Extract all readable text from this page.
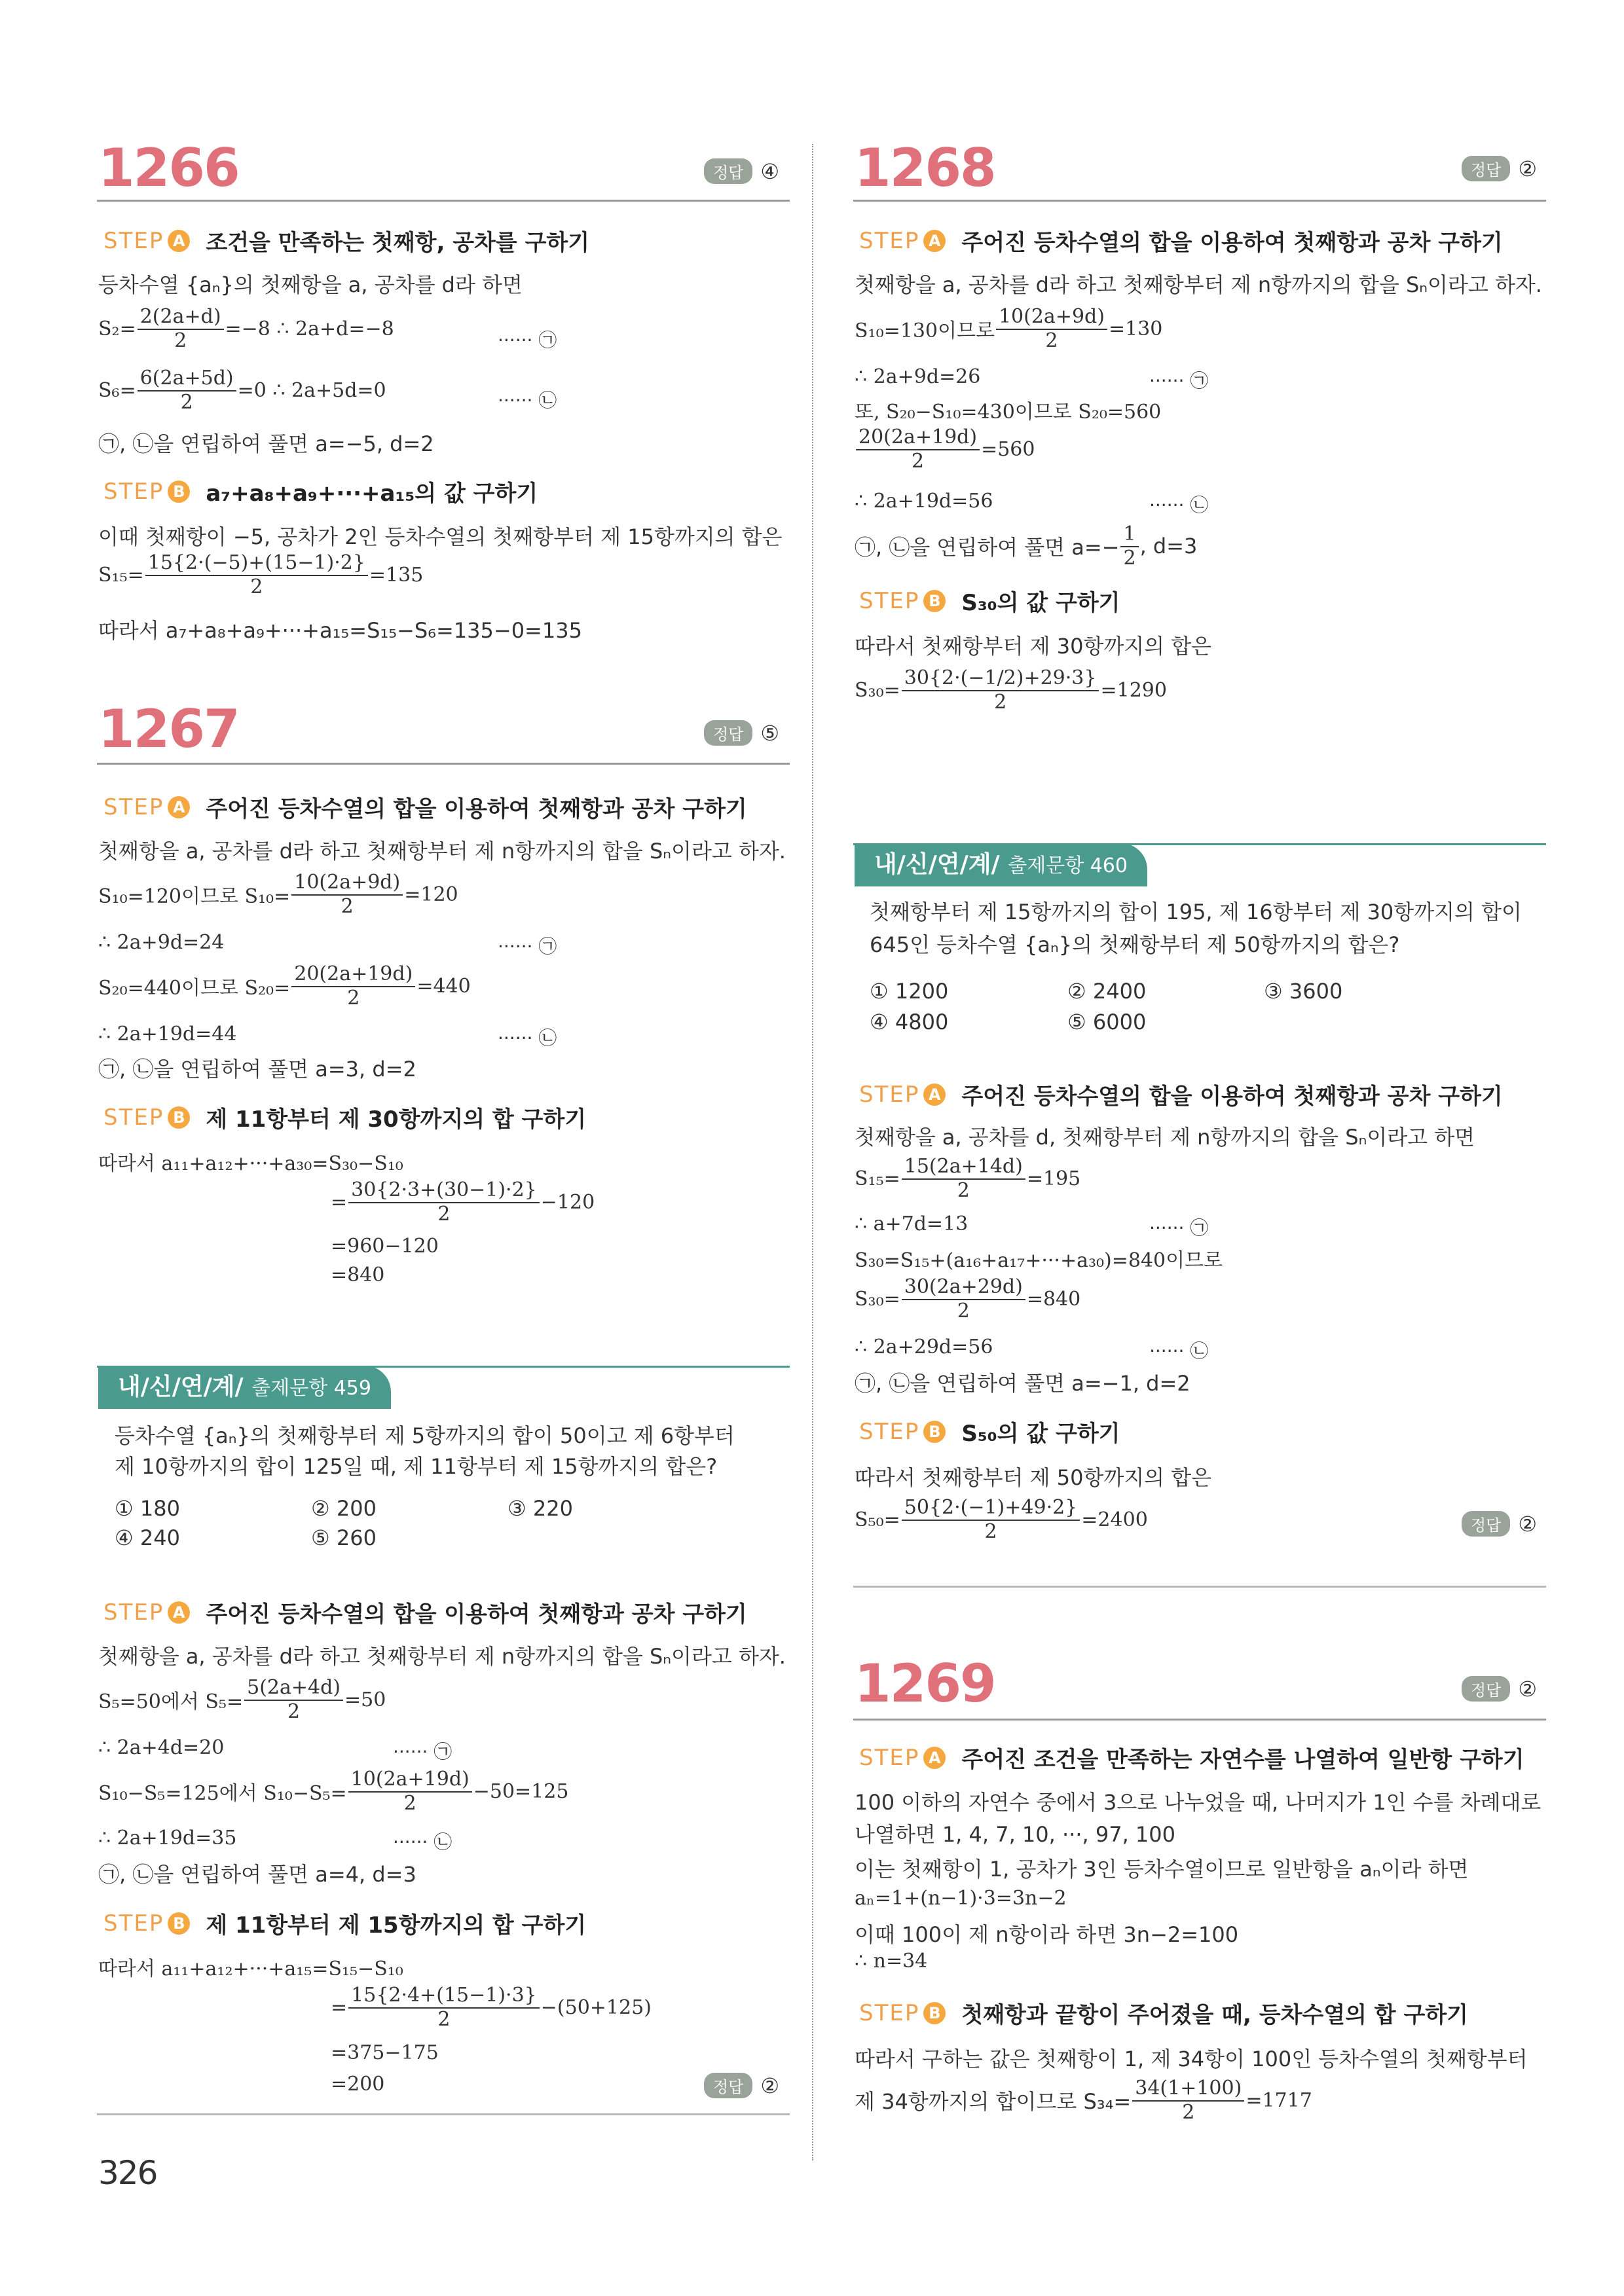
1266	정답 ④
STEP A 조건을 만족하는 첫째항, 공차를 구하기
등차수열 {aₙ}의 첫째항을 a, 공차를 d라 하면
$S_2= \frac{2(2a+d)}{2} =-8$ ∴ 2a+d=−8	······ ㉠
$S_6= \frac{6(2a+5d)}{2} =0$ ∴ 2a+5d=0	······ ㉡
㉠, ㉡을 연립하여 풀면 a=−5, d=2
STEP B a₇+a₈+a₉+···+a₁₅의 값 구하기
이때 첫째항이 −5, 공차가 2인 등차수열의 첫째항부터 제 15항까지의 합은
$S_{15}= \frac{15\{2\cdot(-5)+(15-1)\cdot 2\}}{2} =135$
따라서 a₇+a₈+a₉+···+a₁₅=S₁₅−S₆=135−0=135
1267	정답 ⑤
STEP A 주어진 등차수열의 합을 이용하여 첫째항과 공차 구하기
첫째항을 a, 공차를 d라 하고 첫째항부터 제 n항까지의 합을 Sₙ이라고 하자.
S₁₀=120이므로 $S_{10}= \frac{10(2a+9d)}{2} =120$
∴ 2a+9d=24	······ ㉠
S₂₀=440이므로 $S_{20}= \frac{20(2a+19d)}{2} =440$
∴ 2a+19d=44	······ ㉡
㉠, ㉡을 연립하여 풀면 a=3, d=2
STEP B 제 11항부터 제 30항까지의 합 구하기
따라서 a₁₁+a₁₂+···+a₃₀=S₃₀−S₁₀
= $\frac{30\{2\cdot 3+(30-1)\cdot 2\}}{2} -120$
=960−120
=840
내/신/연/계/ 출제문항 459
등차수열 {aₙ}의 첫째항부터 제 5항까지의 합이 50이고 제 6항부터
제 10항까지의 합이 125일 때, 제 11항부터 제 15항까지의 합은?
① 180	② 200	③ 220
④ 240	⑤ 260
STEP A 주어진 등차수열의 합을 이용하여 첫째항과 공차 구하기
첫째항을 a, 공차를 d라 하고 첫째항부터 제 n항까지의 합을 Sₙ이라고 하자.
S₅=50에서 $S_5= \frac{5(2a+4d)}{2} =50$
∴ 2a+4d=20	······ ㉠
S₁₀−S₅=125에서 $S_{10}-S_5= \frac{10(2a+19d)}{2} -50=125$
∴ 2a+19d=35	······ ㉡
㉠, ㉡을 연립하여 풀면 a=4, d=3
STEP B 제 11항부터 제 15항까지의 합 구하기
따라서 a₁₁+a₁₂+···+a₁₅=S₁₅−S₁₀
= $\frac{15\{2\cdot 4+(15-1)\cdot 3\}}{2} -(50+125)$
=375−175
=200	정답 ②
326
1268	정답 ②
STEP A 주어진 등차수열의 합을 이용하여 첫째항과 공차 구하기
첫째항을 a, 공차를 d라 하고 첫째항부터 제 n항까지의 합을 Sₙ이라고 하자.
S₁₀=130이므로 $\frac{10(2a+9d)}{2} =130$
∴ 2a+9d=26	······ ㉠
또, S₂₀−S₁₀=430이므로 S₂₀=560
$\frac{20(2a+19d)}{2} =560$
∴ 2a+19d=56	······ ㉡
㉠, ㉡을 연립하여 풀면 $a=- \frac{1}{2}$ , d=3
STEP B S₃₀의 값 구하기
따라서 첫째항부터 제 30항까지의 합은
$S_{30}= \frac{30\{2\cdot(-1/2)+29\cdot 3\}}{2} =1290$
내/신/연/계/ 출제문항 460
첫째항부터 제 15항까지의 합이 195, 제 16항부터 제 30항까지의 합이
645인 등차수열 {aₙ}의 첫째항부터 제 50항까지의 합은?
① 1200	② 2400	③ 3600
④ 4800	⑤ 6000
STEP A 주어진 등차수열의 합을 이용하여 첫째항과 공차 구하기
첫째항을 a, 공차를 d, 첫째항부터 제 n항까지의 합을 Sₙ이라고 하면
$S_{15}= \frac{15(2a+14d)}{2} =195$
∴ a+7d=13	······ ㉠
S₃₀=S₁₅+(a₁₆+a₁₇+···+a₃₀)=840이므로
$S_{30}= \frac{30(2a+29d)}{2} =840$
∴ 2a+29d=56	······ ㉡
㉠, ㉡을 연립하여 풀면 a=−1, d=2
STEP B S₅₀의 값 구하기
따라서 첫째항부터 제 50항까지의 합은
$S_{50}= \frac{50\{2\cdot(-1)+49\cdot 2\}}{2} =2400$	정답 ②
1269	정답 ②
STEP A 주어진 조건을 만족하는 자연수를 나열하여 일반항 구하기
100 이하의 자연수 중에서 3으로 나누었을 때, 나머지가 1인 수를 차례대로
나열하면 1, 4, 7, 10, ···, 97, 100
이는 첫째항이 1, 공차가 3인 등차수열이므로 일반항을 aₙ이라 하면
aₙ=1+(n−1)·3=3n−2
이때 100이 제 n항이라 하면 3n−2=100
∴ n=34
STEP B 첫째항과 끝항이 주어졌을 때, 등차수열의 합 구하기
따라서 구하는 값은 첫째항이 1, 제 34항이 100인 등차수열의 첫째항부터
제 34항까지의 합이므로 $S_{34}= \frac{34(1+100)}{2} =1717$
